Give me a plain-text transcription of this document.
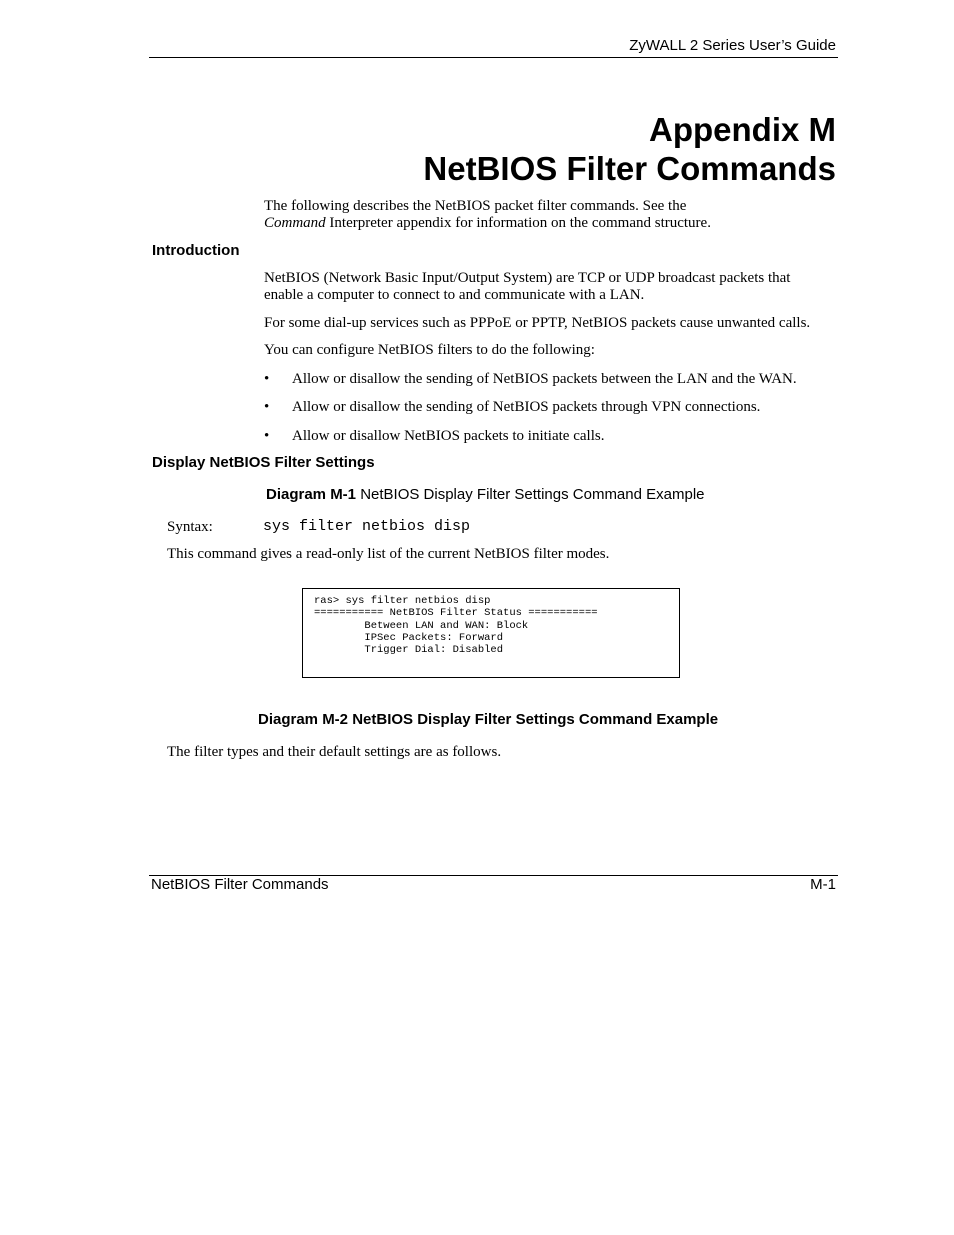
ZyWALL 2 Series User’s Guide
Appendix M
NetBIOS Filter Commands
The following describes the NetBIOS packet filter commands. See the
Command Interpreter appendix for information on the command structure.
Introduction
NetBIOS (Network Basic Input/Output System) are TCP or UDP broadcast packets that
enable a computer to connect to and communicate with a LAN.
For some dial-up services such as PPPoE or PPTP, NetBIOS packets cause unwanted calls.
You can configure NetBIOS filters to do the following:
• Allow or disallow the sending of NetBIOS packets between the LAN and the WAN.
• Allow or disallow the sending of NetBIOS packets through VPN connections.
• Allow or disallow NetBIOS packets to initiate calls.
Display NetBIOS Filter Settings
Diagram M-1 NetBIOS Display Filter Settings Command Example
Syntax:	sys filter netbios disp
This command gives a read-only list of the current NetBIOS filter modes.
ras> sys filter netbios disp
=========== NetBIOS Filter Status ===========
Between LAN and WAN: Block
IPSec Packets: Forward
Trigger Dial: Disabled
Diagram M-2 NetBIOS Display Filter Settings Command Example
The filter types and their default settings are as follows.
NetBIOS Filter Commands	M-1
